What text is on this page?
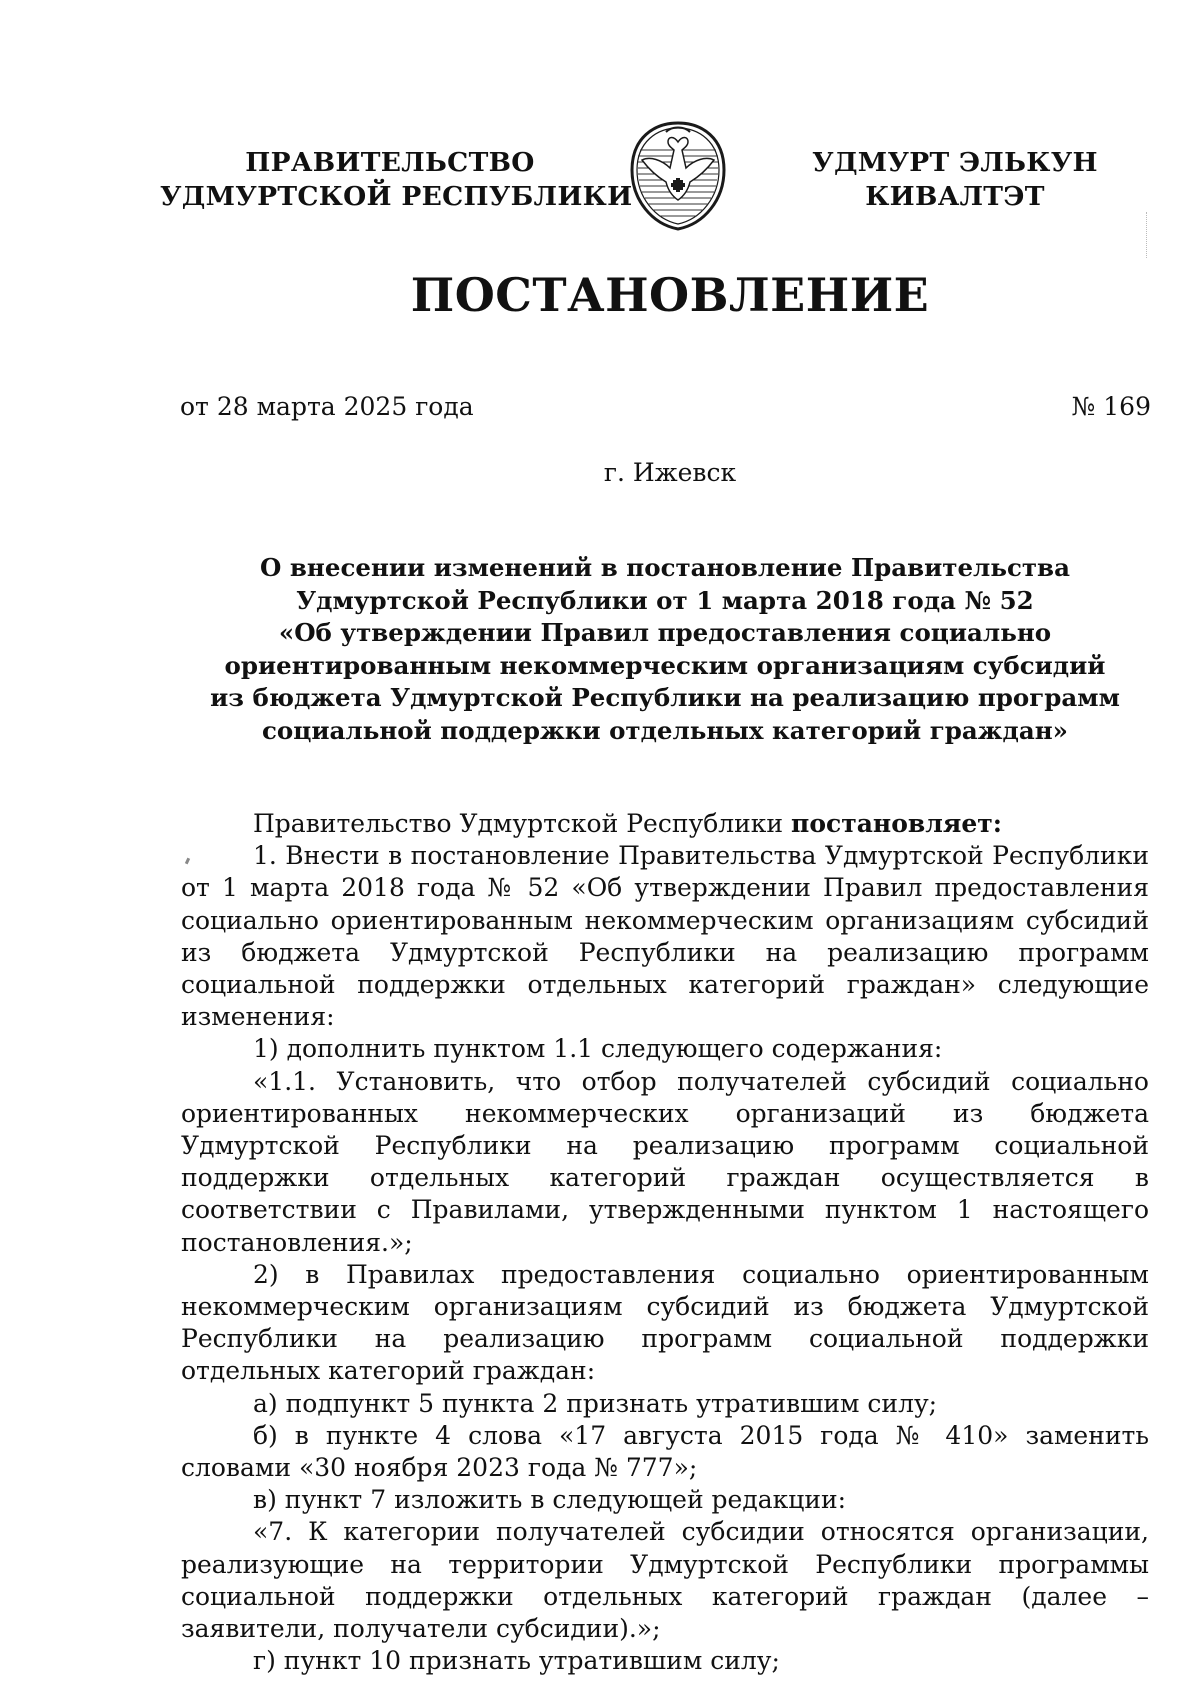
ПРАВИТЕЛЬСТВО
УДМУРТСКОЙ РЕСПУБЛИКИ
УДМУРТ ЭЛЬКУН
КИВАЛТЭТ
ПОСТАНОВЛЕНИЕ
от 28 марта 2025 года	№ 169
г. Ижевск
О внесении изменений в постановление Правительства
Удмуртской Республики от 1 марта 2018 года № 52
«Об утверждении Правил предоставления социально
ориентированным некоммерческим организациям субсидий
из бюджета Удмуртской Республики на реализацию программ
социальной поддержки отдельных категорий граждан»

Правительство Удмуртской Республики постановляет:

1. Внести в постановление Правительства Удмуртской Республики от 1 марта 2018 года № 52 «Об утверждении Правил предоставления социально ориентированным некоммерческим организациям субсидий из бюджета Удмуртской Республики на реализацию программ социальной поддержки отдельных категорий граждан» следующие изменения:

1) дополнить пунктом 1.1 следующего содержания:

«1.1. Установить, что отбор получателей субсидий социально ориентированных некоммерческих организаций из бюджета Удмуртской Республики на реализацию программ социальной поддержки отдельных категорий граждан осуществляется в соответствии с Правилами, утвержденными пунктом 1 настоящего постановления.»;

2) в Правилах предоставления социально ориентированным некоммерческим организациям субсидий из бюджета Удмуртской Республики на реализацию программ социальной поддержки отдельных категорий граждан:

а) подпункт 5 пункта 2 признать утратившим силу;

б) в пункте 4 слова «17 августа 2015 года № 410» заменить словами «30 ноября 2023 года № 777»;

в) пункт 7 изложить в следующей редакции:

«7. К категории получателей субсидии относятся организации, реализующие на территории Удмуртской Республики программы социальной поддержки отдельных категорий граждан (далее – заявители, получатели субсидии).»;

г) пункт 10 признать утратившим силу;
